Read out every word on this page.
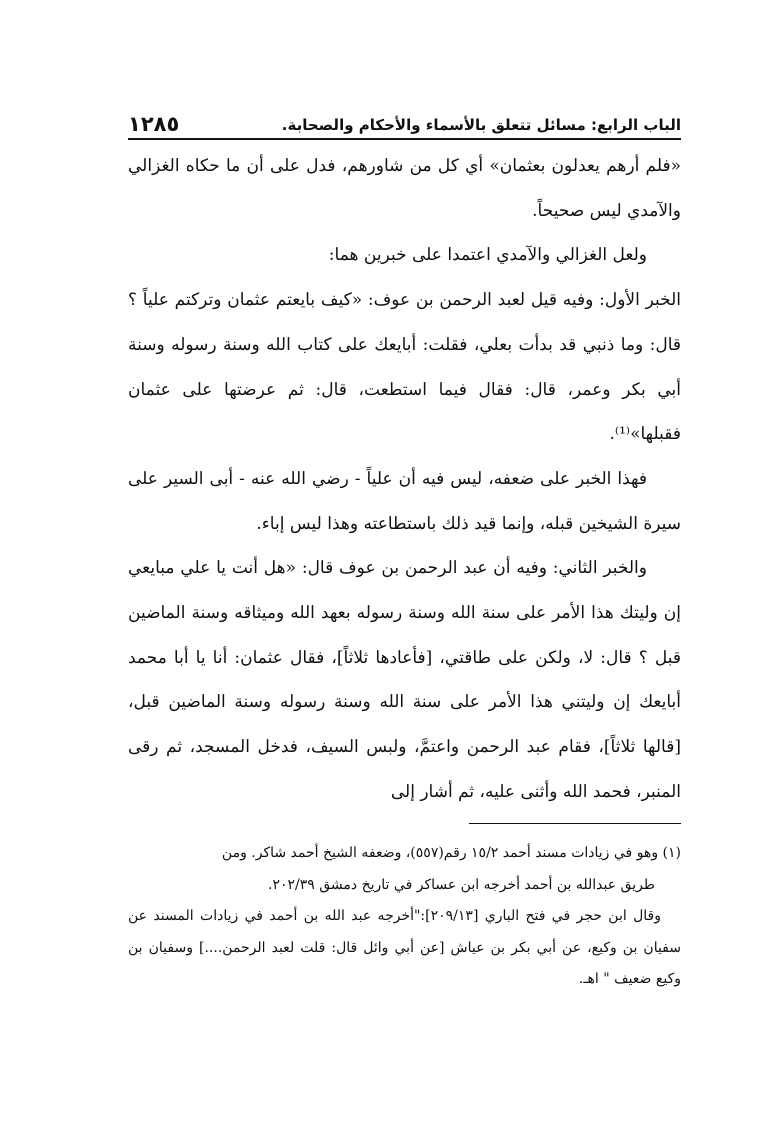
الباب الرابع: مسائل تتعلق بالأسماء والأحكام والصحابة.
١٢٨٥

«فلم أرهم يعدلون بعثمان» أي كل من شاورهم، فدل على أن ما حكاه الغزالي والآمدي ليس صحيحاً.

ولعل الغزالي والآمدي اعتمدا على خبرين هما:

الخبر الأول: وفيه قيل لعبد الرحمن بن عوف: «كيف بايعتم عثمان وتركتم علياً ؟ قال: وما ذنبي قد بدأت بعلي، فقلت: أبايعك على كتاب الله وسنة رسوله وسنة أبي بكر وعمر، قال: فقال فيما استطعت، قال: ثم عرضتها على عثمان فقبلها»⁽¹⁾.

فهذا الخبر على ضعفه، ليس فيه أن علياً - رضي الله عنه - أبى السير على سيرة الشيخين قبله، وإنما قيد ذلك باستطاعته وهذا ليس إباء.

والخبر الثاني: وفيه أن عبد الرحمن بن عوف قال: «هل أنت يا علي مبايعي إن وليتك هذا الأمر على سنة الله وسنة رسوله بعهد الله وميثاقه وسنة الماضين قبل ؟ قال: لا، ولكن على طاقتي، [فأعادها ثلاثاً]، فقال عثمان: أنا يا أبا محمد أبايعك إن وليتني هذا الأمر على سنة الله وسنة رسوله وسنة الماضين قبل، [قالها ثلاثاً]، فقام عبد الرحمن واعتمَّ، ولبس السيف، فدخل المسجد، ثم رقى المنبر، فحمد الله وأثنى عليه، ثم أشار إلى

(١) وهو في زيادات مسند أحمد ١٥/٢ رقم(٥٥٧)، وضعفه الشيخ أحمد شاكر. ومن

طريق عبدالله بن أحمد أخرجه ابن عساكر في تاريخ دمشق ٢٠٢/٣٩.

وقال ابن حجر في فتح الباري [٢٠٩/١٣]:"أخرجه عبد الله بن أحمد في زيادات المسند عن سفيان بن وكيع، عن أبي بكر بن عياش [عن أبي وائل قال: قلت لعبد الرحمن....] وسفيان بن وكيع ضعيف " اهـ.
